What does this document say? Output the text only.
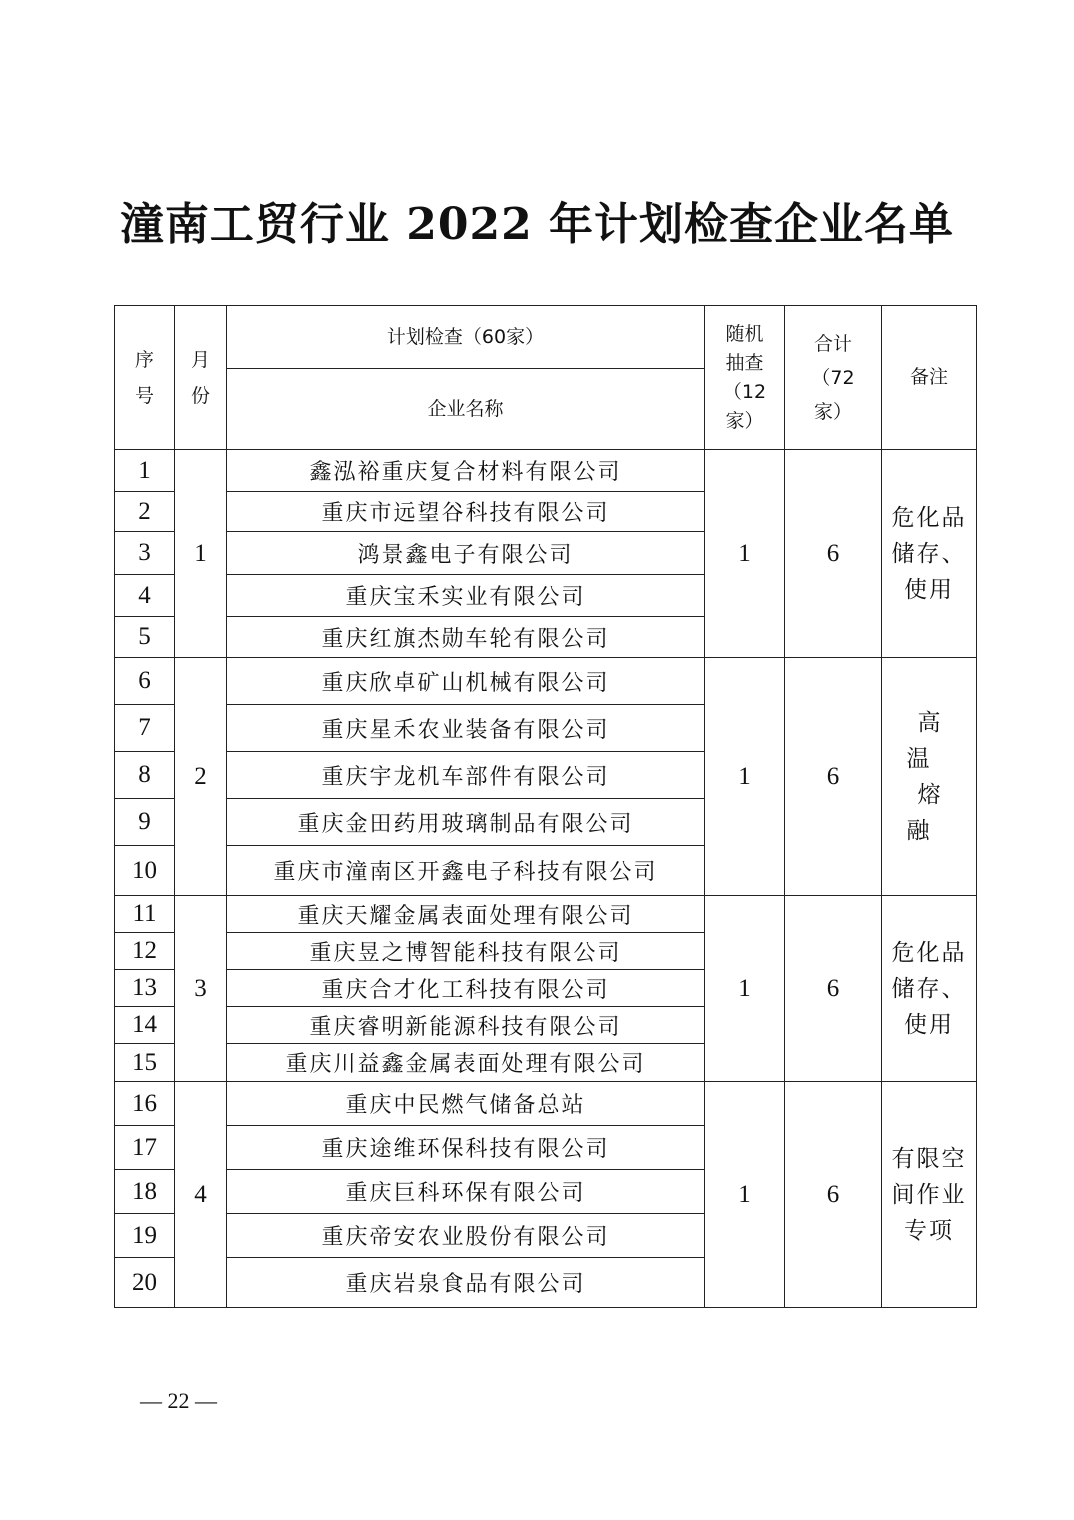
潼南工贸行业 2022 年计划检查企业名单
序号	月份	计划检查（60家）	随机抽查（12家）	合计（72家）	备注
		企业名称			
1	1	鑫泓裕重庆复合材料有限公司	1	6	危化品
储存、
使用

2		重庆市远望谷科技有限公司			
3		鸿景鑫电子有限公司			
4		重庆宝禾实业有限公司			
5		重庆红旗杰勋车轮有限公司			
6	2	重庆欣卓矿山机械有限公司	1	6	高温
熔融

7		重庆星禾农业装备有限公司			
8		重庆宇龙机车部件有限公司			
9		重庆金田药用玻璃制品有限公司			
10		重庆市潼南区开鑫电子科技有限公司			
11	3	重庆天耀金属表面处理有限公司	1	6	危化品
储存、
使用

12		重庆昱之博智能科技有限公司			
13		重庆合才化工科技有限公司			
14		重庆睿明新能源科技有限公司			
15		重庆川益鑫金属表面处理有限公司			
16	4	重庆中民燃气储备总站	1	6	有限空
间作业
专项

17		重庆途维环保科技有限公司			
18		重庆巨科环保有限公司			
19		重庆帝安农业股份有限公司			
20		重庆岩泉食品有限公司			
— 22 —
